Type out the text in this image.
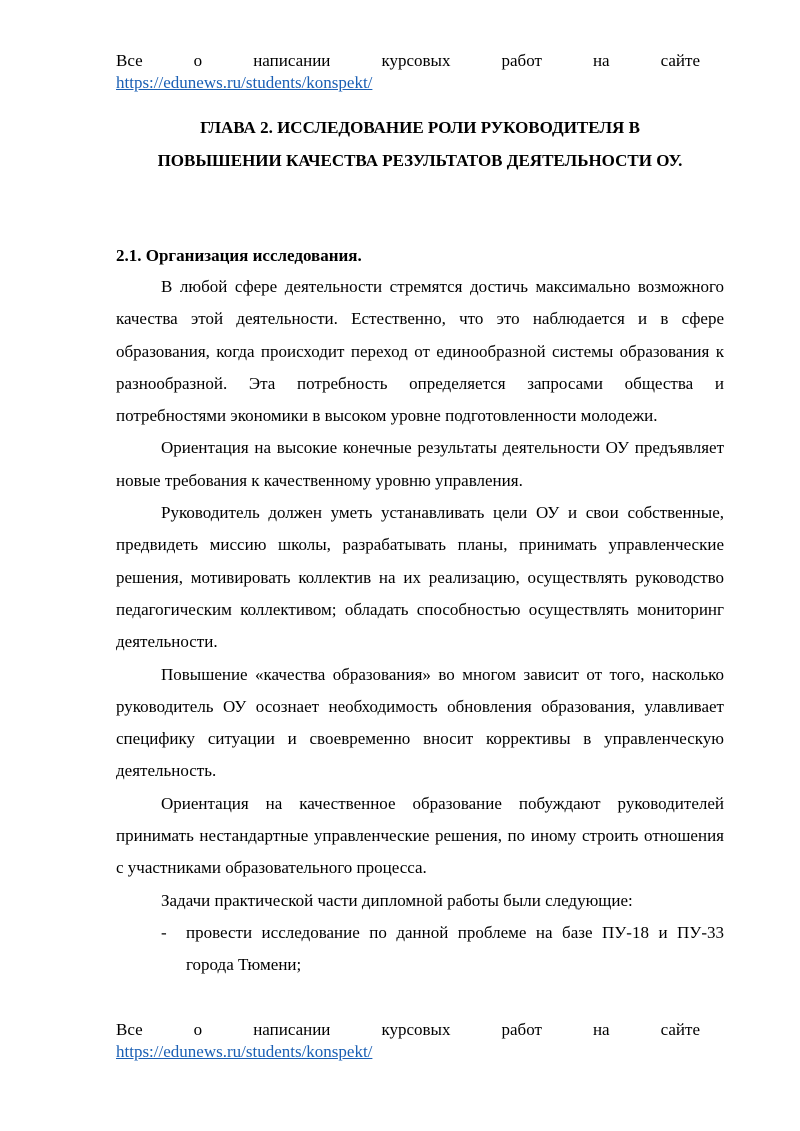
Все	о	написании	курсовых	работ	на	сайте
https://edunews.ru/students/konspekt/
ГЛАВА 2. ИССЛЕДОВАНИЕ РОЛИ РУКОВОДИТЕЛЯ В
ПОВЫШЕНИИ КАЧЕСТВА РЕЗУЛЬТАТОВ ДЕЯТЕЛЬНОСТИ ОУ.
2.1. Организация исследования.

В любой сфере деятельности стремятся достичь максимально возможного качества этой деятельности. Естественно, что это наблюдается и в сфере образования, когда происходит переход от единообразной системы образования к разнообразной. Эта потребность определяется запросами общества и потребностями экономики в высоком уровне подготовленности молодежи.

Ориентация на высокие конечные результаты деятельности ОУ предъявляет новые требования к качественному уровню управления.

Руководитель должен уметь устанавливать цели ОУ и свои собственные, предвидеть миссию школы, разрабатывать планы, принимать управленческие решения, мотивировать коллектив на их реализацию, осуществлять руководство педагогическим коллективом; обладать способностью осуществлять мониторинг деятельности.

Повышение «качества образования» во многом зависит от того, насколько руководитель ОУ осознает необходимость обновления образования, улавливает специфику ситуации и своевременно вносит коррективы в управленческую деятельность.

Ориентация на качественное образование побуждают руководителей принимать нестандартные управленческие решения, по иному строить отношения с участниками образовательного процесса.

Задачи практической части дипломной работы были следующие:

- провести исследование по данной проблеме на базе ПУ-18 и ПУ-33 города Тюмени;
Все	о	написании	курсовых	работ	на	сайте
https://edunews.ru/students/konspekt/
